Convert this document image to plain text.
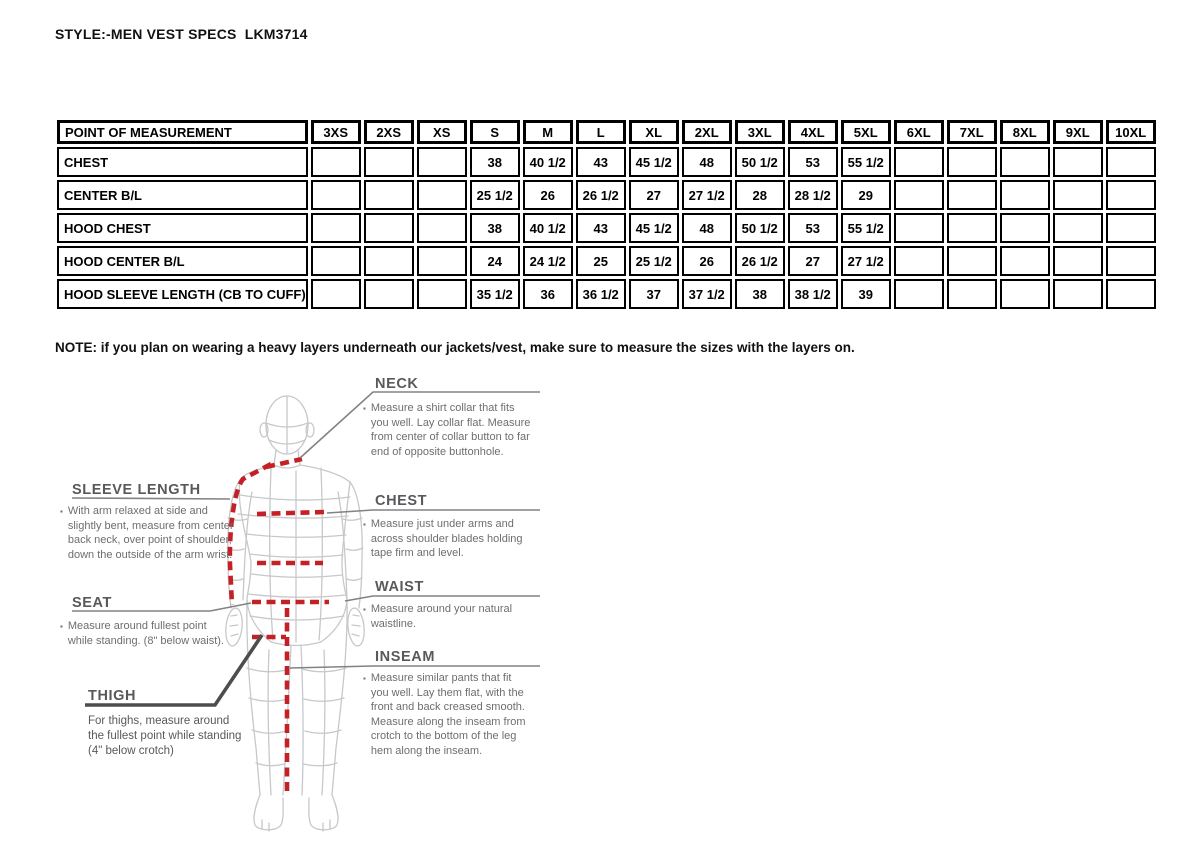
STYLE:-MEN VEST SPECS  LKM3714
POINT OF MEASUREMENT	3XS	2XS	XS	S	M	L	XL	2XL	3XL	4XL	5XL	6XL	7XL	8XL	9XL	10XL
CHEST				38	40 1/2	43	45 1/2	48	50 1/2	53	55 1/2					
CENTER B/L				25 1/2	26	26 1/2	27	27 1/2	28	28 1/2	29					
HOOD CHEST				38	40 1/2	43	45 1/2	48	50 1/2	53	55 1/2					
HOOD CENTER B/L				24	24 1/2	25	25 1/2	26	26 1/2	27	27 1/2					
HOOD SLEEVE LENGTH (CB TO CUFF)				35 1/2	36	36 1/2	37	37 1/2	38	38 1/2	39					
NOTE: if you plan on wearing a heavy layers underneath our jackets/vest, make sure to measure the sizes with the layers on.
NECK
▪ Measure a shirt collar that fits you well. Lay collar flat. Measure from center of collar button to far end of opposite buttonhole.
CHEST
▪ Measure just under arms and across shoulder blades holding tape firm and level.
WAIST
▪ Measure around your natural waistline.
INSEAM
▪ Measure similar pants that fit you well. Lay them flat, with the front and back creased smooth. Measure along the inseam from crotch to the bottom of the leg hem along the inseam.
SLEEVE LENGTH
▪ With arm relaxed at side and slightly bent, measure from center back neck, over point of shoulder, down the outside of the arm wrist.
SEAT
▪ Measure around fullest point while standing. (8" below waist).
THIGH
For thighs, measure around the fullest point while standing (4" below crotch)
